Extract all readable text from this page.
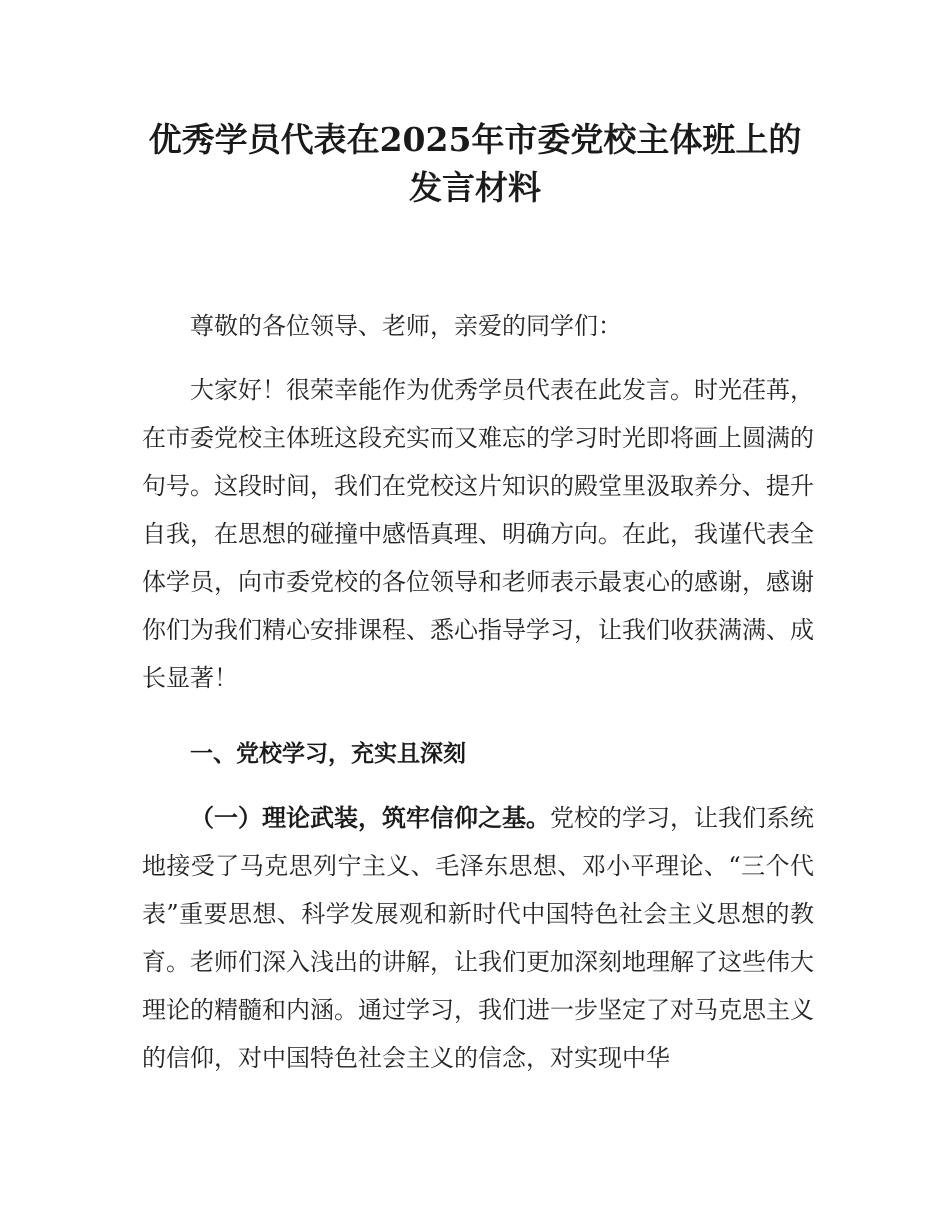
优秀学员代表在2025年市委党校主体班上的
发言材料

尊敬的各位领导、老师，亲爱的同学们：

大家好！很荣幸能作为优秀学员代表在此发言。时光荏苒，在市委党校主体班这段充实而又难忘的学习时光即将画上圆满的句号。这段时间，我们在党校这片知识的殿堂里汲取养分、提升自我，在思想的碰撞中感悟真理、明确方向。在此，我谨代表全体学员，向市委党校的各位领导和老师表示最衷心的感谢，感谢你们为我们精心安排课程、悉心指导学习，让我们收获满满、成长显著！

一、党校学习，充实且深刻

（一）理论武装，筑牢信仰之基。党校的学习，让我们系统地接受了马克思列宁主义、毛泽东思想、邓小平理论、“三个代表”重要思想、科学发展观和新时代中国特色社会主义思想的教育。老师们深入浅出的讲解，让我们更加深刻地理解了这些伟大理论的精髓和内涵。通过学习，我们进一步坚定了对马克思主义的信仰，对中国特色社会主义的信念，对实现中华
